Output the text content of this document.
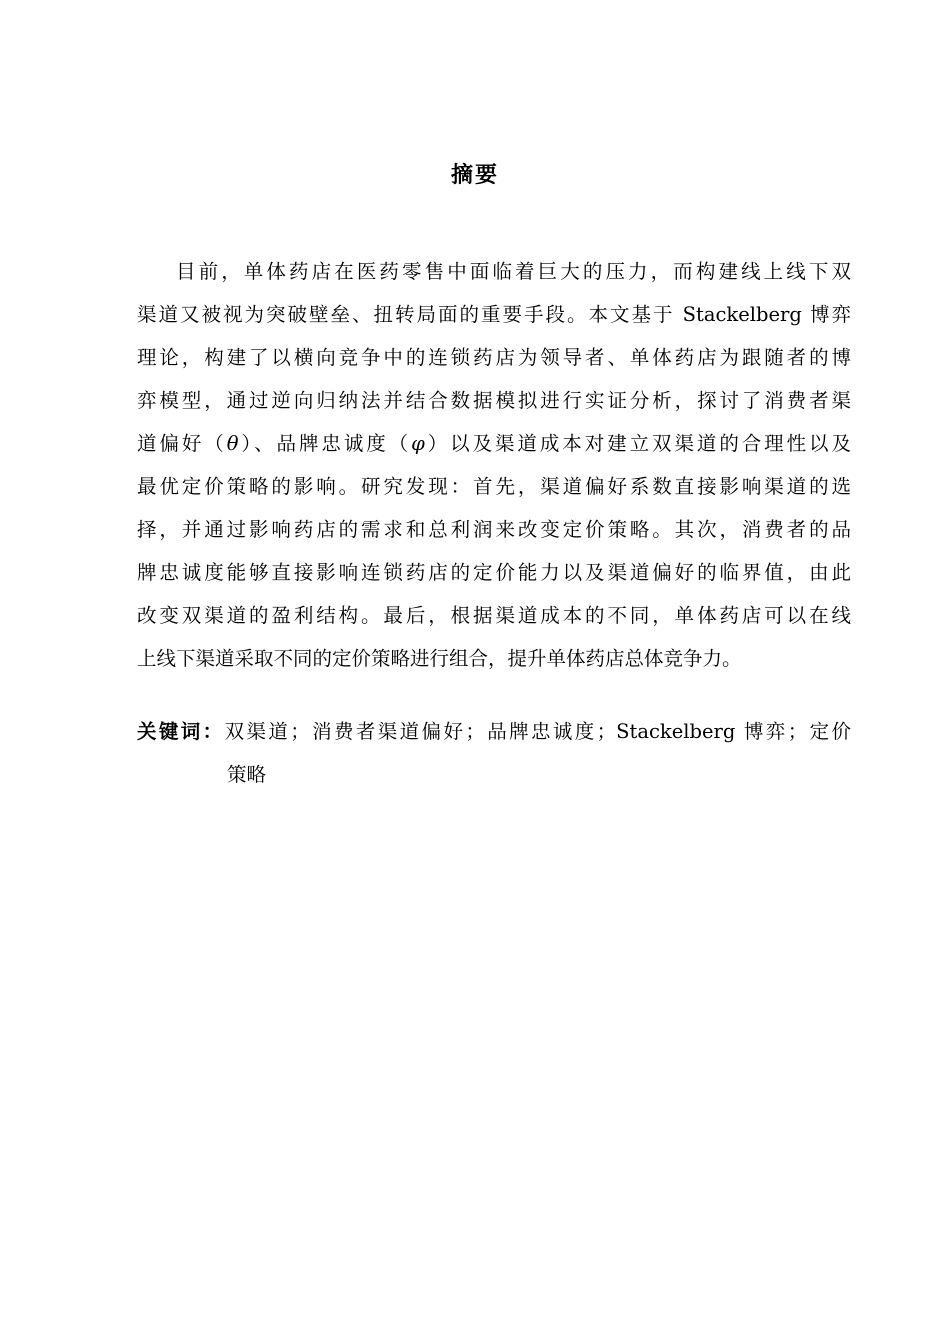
摘要
目前，单体药店在医药零售中面临着巨大的压力，而构建线上线下双
渠道又被视为突破壁垒、扭转局面的重要手段。本文基于 Stackelberg 博弈
理论，构建了以横向竞争中的连锁药店为领导者、单体药店为跟随者的博
弈模型，通过逆向归纳法并结合数据模拟进行实证分析，探讨了消费者渠
道偏好（θ）、品牌忠诚度（φ）以及渠道成本对建立双渠道的合理性以及
最优定价策略的影响。研究发现：首先，渠道偏好系数直接影响渠道的选
择，并通过影响药店的需求和总利润来改变定价策略。其次，消费者的品
牌忠诚度能够直接影响连锁药店的定价能力以及渠道偏好的临界值，由此
改变双渠道的盈利结构。最后，根据渠道成本的不同，单体药店可以在线
上线下渠道采取不同的定价策略进行组合，提升单体药店总体竞争力。
关键词：双渠道；消费者渠道偏好；品牌忠诚度；Stackelberg 博弈；定价
策略
